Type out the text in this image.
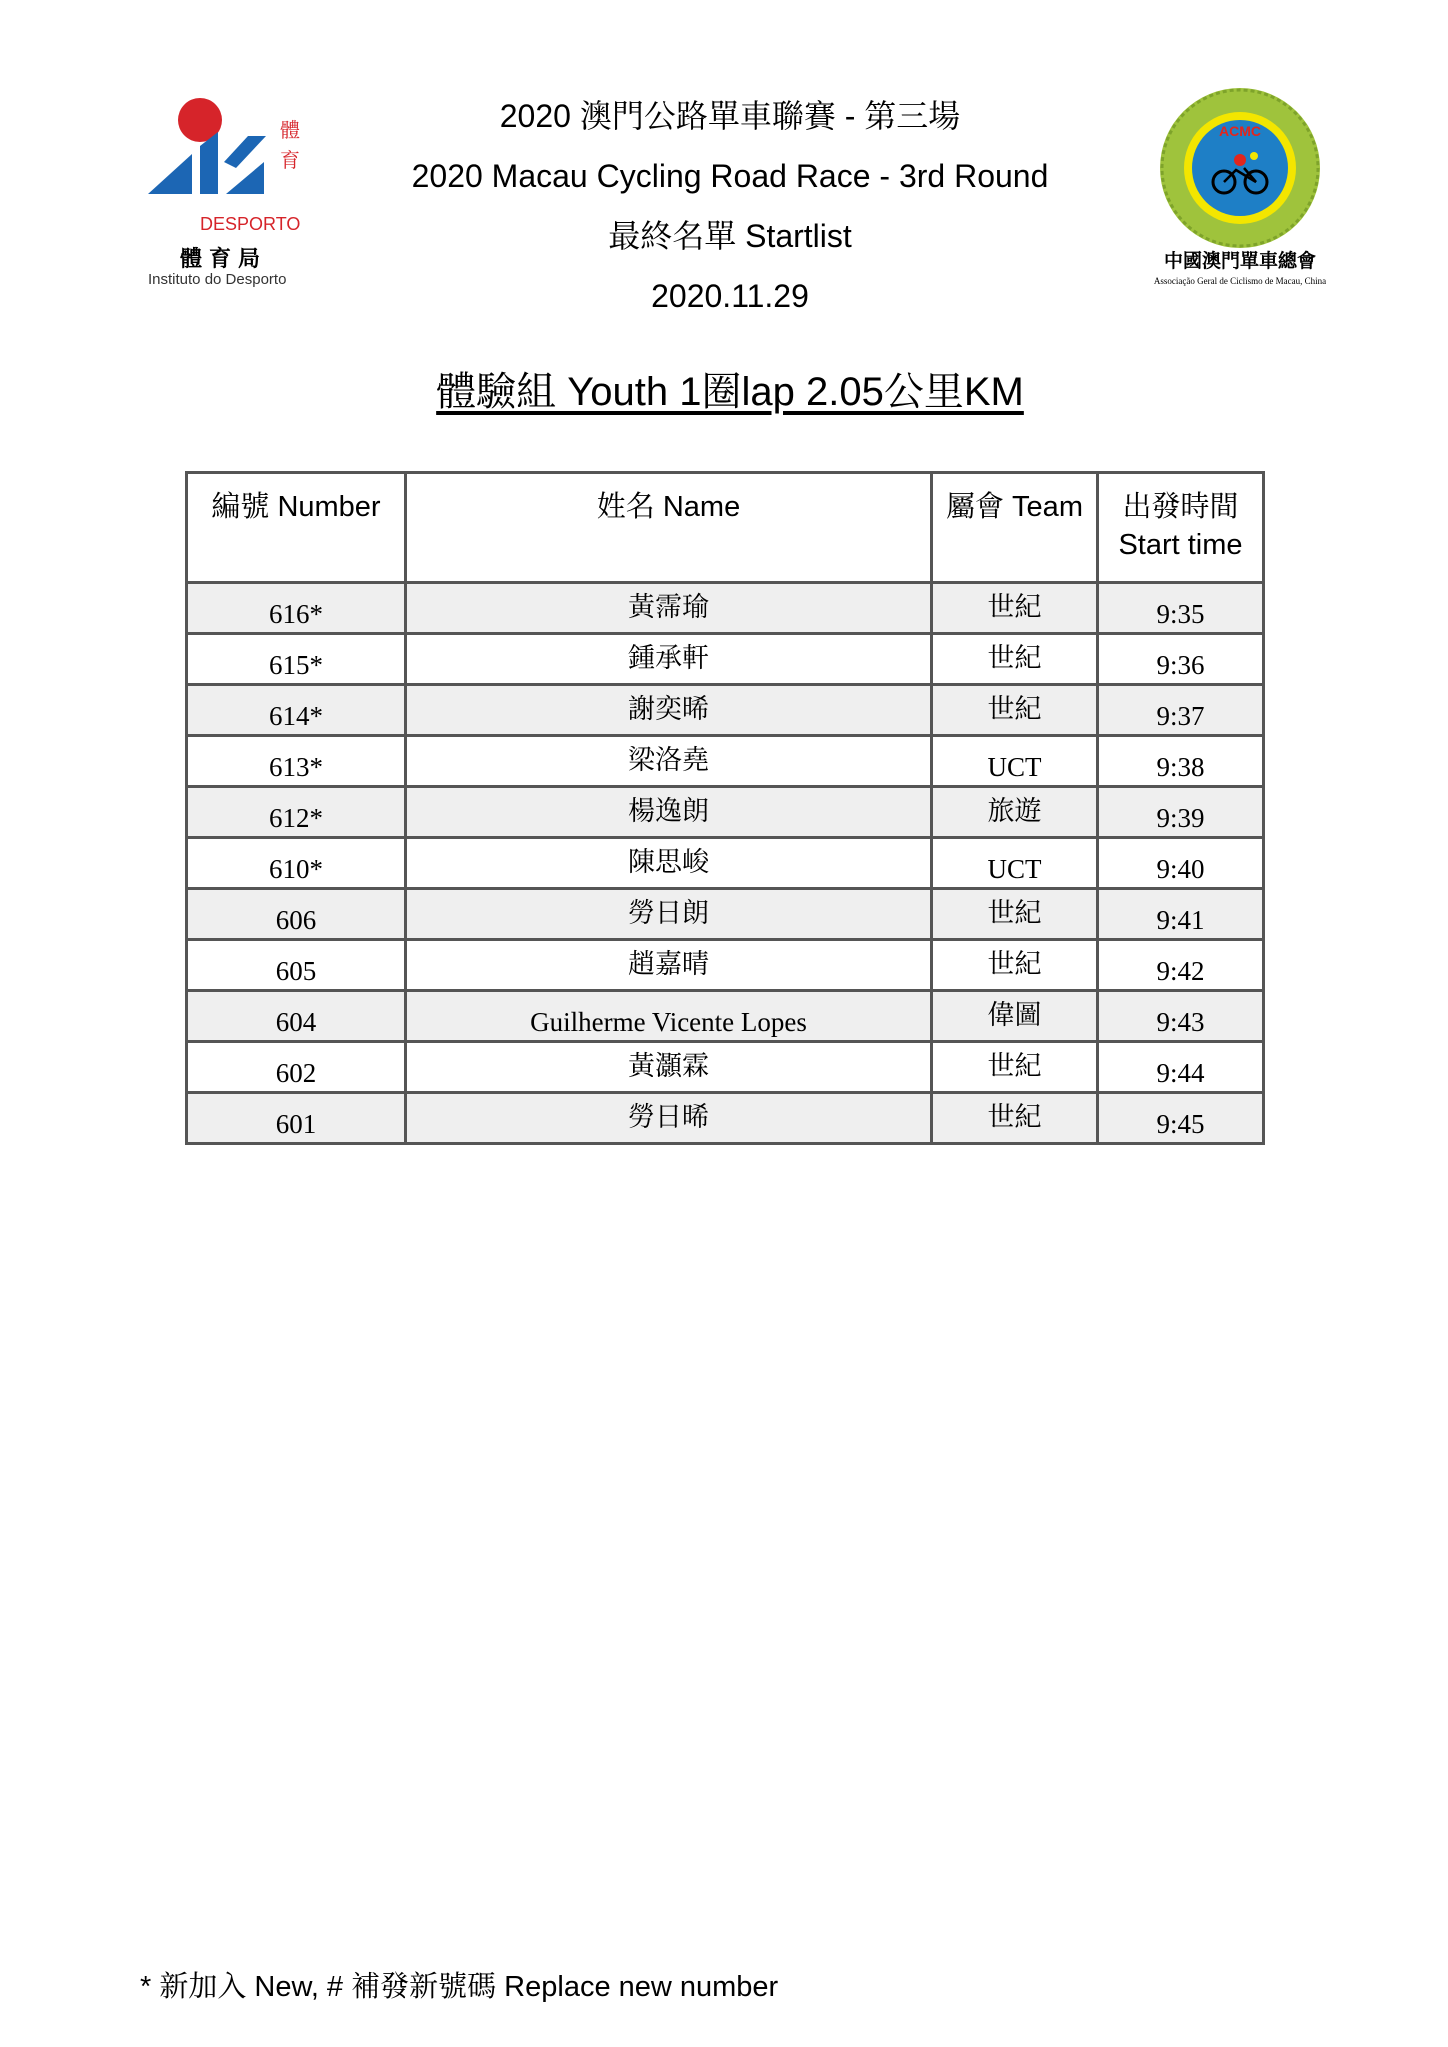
體
育
DESPORTO
體育局
Instituto do Desporto
2020 澳門公路單車聯賽 - 第三場
2020 Macau Cycling Road Race - 3rd Round
最終名單 Startlist
2020.11.29
ACMC
中國澳門單車總會
Associação Geral de Ciclismo de Macau, China
體驗組 Youth 1圈lap 2.05公里KM
編號 Number	姓名 Name	屬會 Team	出發時間
Start time
616*	黃霈瑜	世紀	9:35
615*	鍾承軒	世紀	9:36
614*	謝奕晞	世紀	9:37
613*	梁洛堯	UCT	9:38
612*	楊逸朗	旅遊	9:39
610*	陳思峻	UCT	9:40
606	勞日朗	世紀	9:41
605	趙嘉晴	世紀	9:42
604	Guilherme Vicente Lopes	偉圖	9:43
602	黃灝霖	世紀	9:44
601	勞日晞	世紀	9:45
* 新加入 New, # 補發新號碼 Replace new number
